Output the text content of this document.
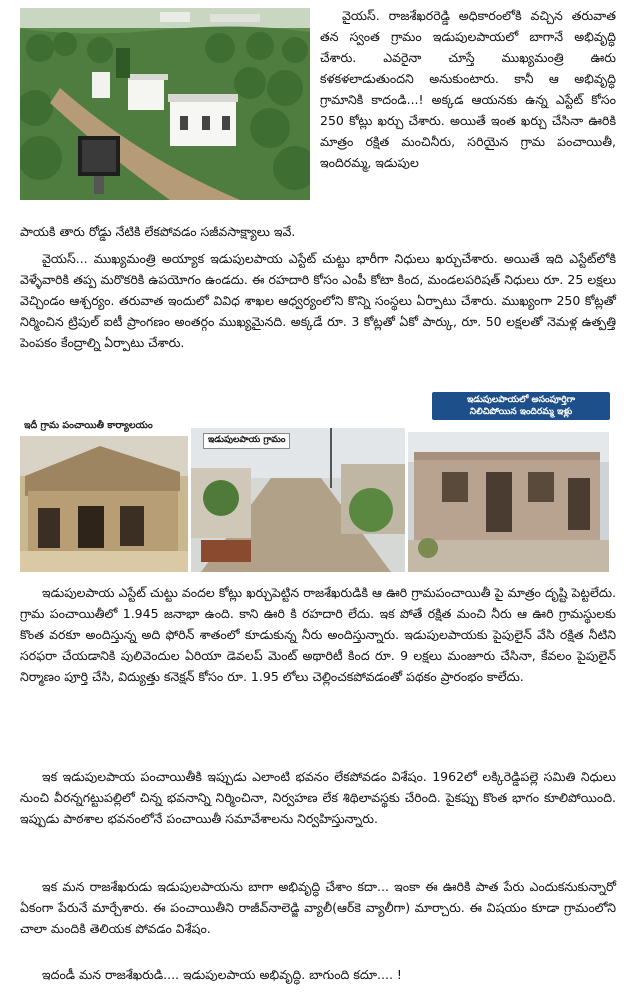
వైయస్. రాజశేఖరరెడ్డి అధికారంలోకి వచ్చిన తరువాత తన స్వంత గ్రామం ఇడుపులపాయలో బాగానే అభివృద్ధి చేశారు. ఎవరైనా చూస్తే ముఖ్యమంత్రి ఊరు కళకళలాడుతుందని అనుకుంటారు. కానీ ఆ అభివృద్ధి గ్రామానికి కాదండి...! అక్కడ ఆయనకు ఉన్న ఎస్టేట్ కోసం 250 కోట్లు ఖర్చు చేశారు. అయితే ఇంత ఖర్చు చేసినా ఊరికి మాత్రం రక్షిత మంచినీరు, సరియైన గ్రామ పంచాయితీ, ఇందిరమ్మ, ఇడుపుల
పాయకి తారు రోడ్డు నేటికి లేకపోవడం సజీవసాక్ష్యాలు ఇవే.
వైయస్... ముఖ్యమంత్రి అయ్యాక ఇడుపులపాయ ఎస్టేట్ చుట్టు భారీగా నిధులు ఖర్చుచేశారు. అయితే ఇది ఎస్టేట్‌లోకి వెళ్ళేవారికి తప్ప మరొకరికి ఉపయోగం ఉండదు. ఈ రహదారి కోసం ఎంపీ కోటా కింద, మండలపరిషత్ నిధులు రూ. 25 లక్షలు వెచ్చిండం ఆశ్చర్యం. తరువాత ఇందులో వివిధ శాఖల ఆధ్వర్యంలోని కొన్ని సంస్థలు ఏర్పాటు చేశారు. ముఖ్యంగా 250 కోట్లతో నిర్మించిన ట్రిపుల్ ఐటీ ప్రాంగణం అంతర్గం ముఖ్యమైనది. అక్కడే రూ. 3 కోట్లతో ఏకో పార్కు, రూ. 50 లక్షలతో నెమళ్ల ఉత్పత్తి పెంపకం కేంద్రాల్ని ఏర్పాటు చేశారు.
ఇదీ గ్రామ పంచాయితీ కార్యాలయం
ఇడుపులపాయ గ్రామం
ఇడుపులపాయలో అసంపూర్తిగా
నిలిచిపోయిన ఇందిరమ్మ ఇళ్లు
ఇడుపులపాయ ఎస్టేట్ చుట్టు వందల కోట్లు ఖర్చుపెట్టిన రాజశేఖరుడికి ఆ ఊరి గ్రామపంచాయితీ పై మాత్రం దృష్టి పెట్టలేదు. గ్రామ పంచాయితీలో 1.945 జనాభా ఉంది. కాని ఊరి కి రహదారి లేదు. ఇక పోతే రక్షిత మంచి నీరు ఆ ఊరి గ్రామస్థులకు కొంత వరకూ అందిస్తున్న అది ఫోరిన్ శాతంలో కూడుకున్న నీరు అందిస్తున్నారు. ఇడుపులపాయకు పైపులైన్ వేసి రక్షిత నీటిని సరఫరా చేయడానికి పులివెందుల ఏరియా డెవలప్ మెంట్ అథారిటీ కింద రూ. 9 లక్షలు మంజూరు చేసినా, కేవలం పైపులైన్ నిర్మాణం పూర్తి చేసి, విద్యుత్తు కనెక్షన్ కోసం రూ. 1.95 లోలు చెల్లించకపోవడంతో పథకం ప్రారంభం కాలేదు.
ఇక ఇడుపులపాయ పంచాయితీకి ఇప్పుడు ఎలాంటి భవనం లేకపోవడం విశేషం. 1962లో లక్కిరెడ్డిపల్లె సమితి నిధులు నుంచి వీరన్నగట్టుపల్లిలో చిన్న భవనాన్ని నిర్మించినా, నిర్వహణ లేక శిథిలావస్థకు చేరింది. పైకప్పు కొంత భాగం కూలిపోయింది. ఇప్పుడు పాఠశాల భవనంలోనే పంచాయితీ సమావేశాలను నిర్వహిస్తున్నారు.
ఇక మన రాజశేఖరుడు ఇడుపులపాయను బాగా అభివృద్ధి చేశాం కదా... ఇంకా ఈ ఊరికి పాత పేరు ఎందుకనుకున్నారో ఏకంగా పేరునే మార్చేశారు. ఈ పంచాయితీని రాజీవ్‌నాలెడ్జి వ్యాలీ(ఆర్‌కె వ్యాలీగా) మార్చారు. ఈ విషయం కూడా గ్రామంలోని చాలా మందికి తెలియక పోవడం విశేషం.
ఇదండీ మన రాజశేఖరుడి.... ఇడుపులపాయ అభివృద్ధి. బాగుంది కదూ.... !
